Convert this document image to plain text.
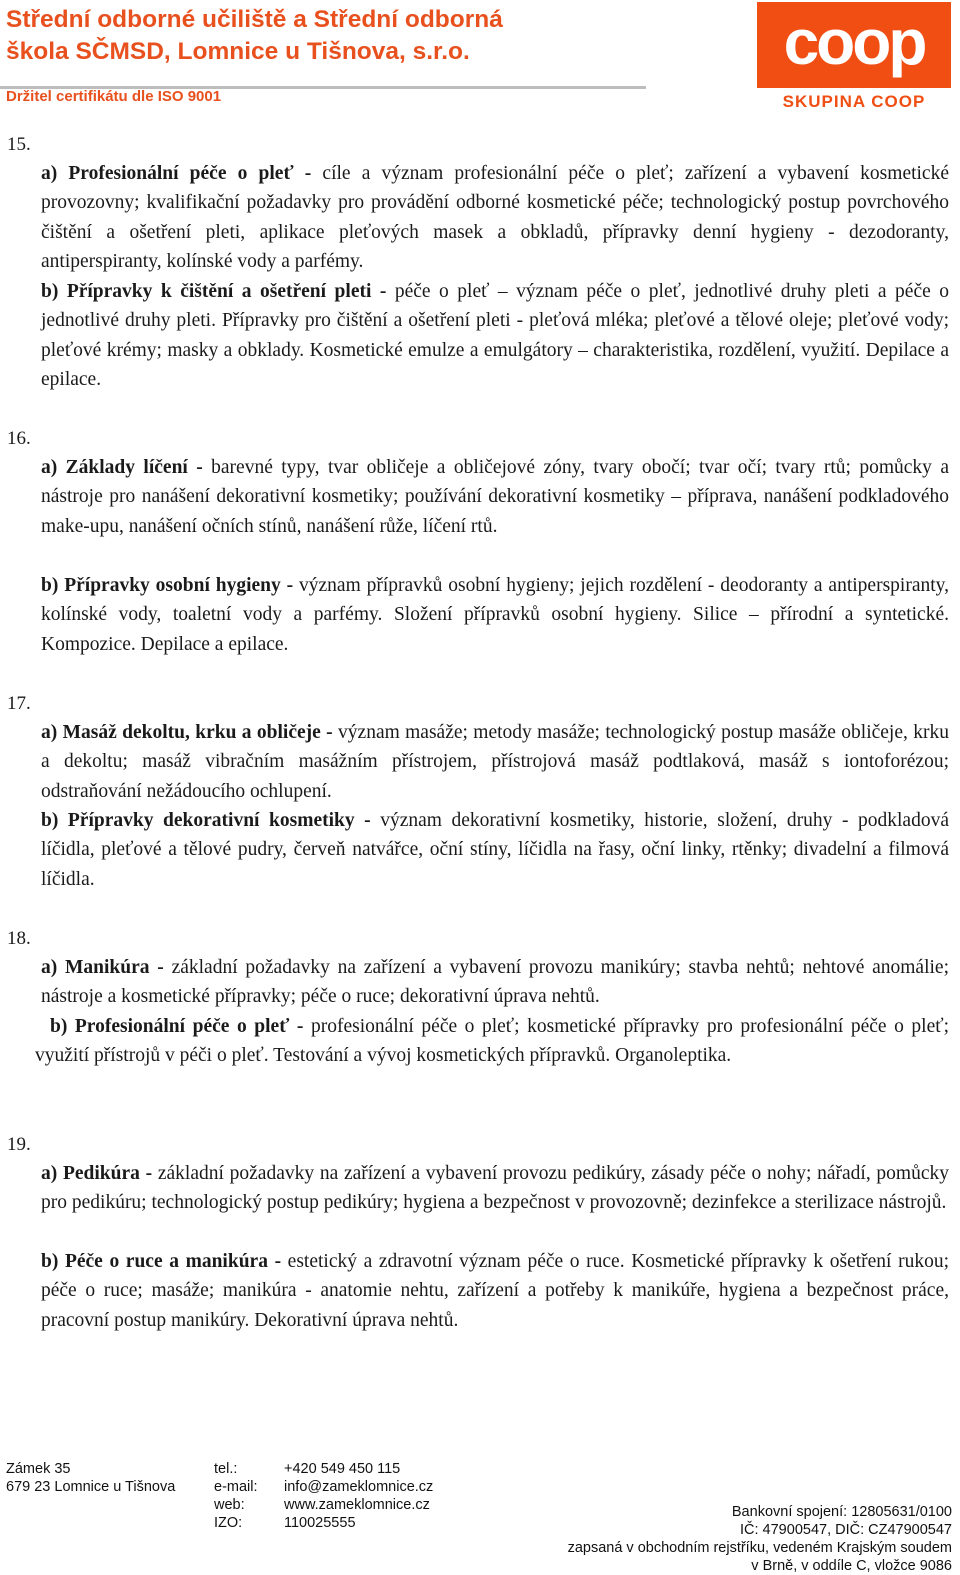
Střední odborné učiliště a Střední odborná
škola SČMSD, Lomnice u Tišnova, s.r.o.
Držitel certifikátu dle ISO 9001
coop
SKUPINA COOP
15.
a) Profesionální péče o pleť - cíle a význam profesionální péče o pleť; zařízení a vybavení kosmetické provozovny; kvalifikační požadavky pro provádění odborné kosmetické péče; technologický postup povrchového čištění a ošetření pleti, aplikace pleťových masek a obkladů, přípravky denní hygieny - dezodoranty, antiperspiranty, kolínské vody a parfémy.
b) Přípravky k čištění a ošetření pleti - péče o pleť – význam péče o pleť, jednotlivé druhy pleti a péče o jednotlivé druhy pleti. Přípravky pro čištění a ošetření pleti - pleťová mléka; pleťové a tělové oleje; pleťové vody; pleťové krémy; masky a obklady. Kosmetické emulze a emulgátory – charakteristika, rozdělení, využití. Depilace a epilace.
16.
a) Základy líčení - barevné typy, tvar obličeje a obličejové zóny, tvary obočí; tvar očí; tvary rtů; pomůcky a nástroje pro nanášení dekorativní kosmetiky; používání dekorativní kosmetiky – příprava, nanášení podkladového make-upu, nanášení očních stínů, nanášení růže, líčení rtů.
b) Přípravky osobní hygieny - význam přípravků osobní hygieny; jejich rozdělení - deodoranty a antiperspiranty, kolínské vody, toaletní vody a parfémy. Složení přípravků osobní hygieny. Silice – přírodní a syntetické. Kompozice. Depilace a epilace.
17.
a) Masáž dekoltu, krku a obličeje - význam masáže; metody masáže; technologický postup masáže obličeje, krku a dekoltu; masáž vibračním masážním přístrojem, přístrojová masáž podtlaková, masáž s iontoforézou; odstraňování nežádoucího ochlupení.
b) Přípravky dekorativní kosmetiky - význam dekorativní kosmetiky, historie, složení, druhy - podkladová líčidla, pleťové a tělové pudry, červeň natvářce, oční stíny, líčidla na řasy, oční linky, rtěnky; divadelní a filmová líčidla.
18.
a) Manikúra - základní požadavky na zařízení a vybavení provozu manikúry; stavba nehtů; nehtové anomálie; nástroje a kosmetické přípravky; péče o ruce; dekorativní úprava nehtů.
b) Profesionální péče o pleť - profesionální péče o pleť; kosmetické přípravky pro profesionální péče o pleť; využití přístrojů v péči o pleť. Testování a vývoj kosmetických přípravků. Organoleptika.
19.
a) Pedikúra - základní požadavky na zařízení a vybavení provozu pedikúry, zásady péče o nohy; nářadí, pomůcky pro pedikúru; technologický postup pedikúry; hygiena a bezpečnost v provozovně; dezinfekce a sterilizace nástrojů.
b) Péče o ruce a manikúra - estetický a zdravotní význam péče o ruce. Kosmetické přípravky k ošetření rukou; péče o ruce; masáže; manikúra - anatomie nehtu, zařízení a potřeby k manikúře, hygiena a bezpečnost práce, pracovní postup manikúry. Dekorativní úprava nehtů.
Zámek 35
679 23 Lomnice u Tišnova
tel.:
e-mail:
web:
IZO:
+420 549 450 115
info@zameklomnice.cz
www.zameklomnice.cz
110025555
Bankovní spojení: 12805631/0100
IČ: 47900547, DIČ: CZ47900547
zapsaná v obchodním rejstříku, vedeném Krajským soudem
v Brně, v oddíle C, vložce 9086
